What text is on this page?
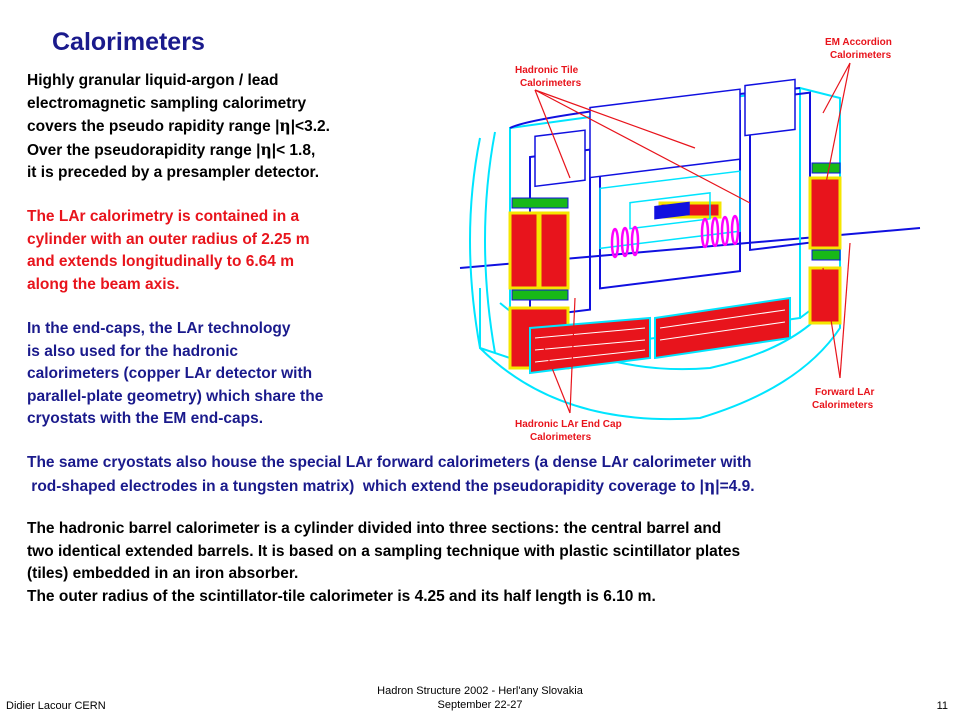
Calorimeters
Highly granular liquid-argon / lead
electromagnetic sampling calorimetry
covers the pseudo rapidity range |η|<3.2.
Over the pseudorapidity range |η|< 1.8,
it is preceded by a presampler detector.
The LAr calorimetry is contained in a
cylinder with an outer radius of 2.25 m
and extends longitudinally to 6.64 m
along the beam axis.
In the end-caps, the LAr technology
is also used for the hadronic
calorimeters (copper LAr detector with
parallel-plate geometry) which share the
cryostats with the EM end-caps.
The same cryostats also house the special LAr forward calorimeters (a dense LAr calorimeter with
rod-shaped electrodes in a tungsten matrix)  which extend the pseudorapidity coverage to |η|=4.9.
The hadronic barrel calorimeter is a cylinder divided into three sections: the central barrel and
two identical extended barrels. It is based on a sampling technique with plastic scintillator plates
(tiles) embedded in an iron absorber.
The outer radius of the scintillator-tile calorimeter is 4.25 and its half length is 6.10 m.
EM Accordion
Calorimeters
Hadronic Tile
Calorimeters
Forward LAr
Calorimeters
Hadronic LAr End Cap
Calorimeters
Didier Lacour CERN
Hadron Structure 2002 - Herl'any Slovakia
September 22-27	11
